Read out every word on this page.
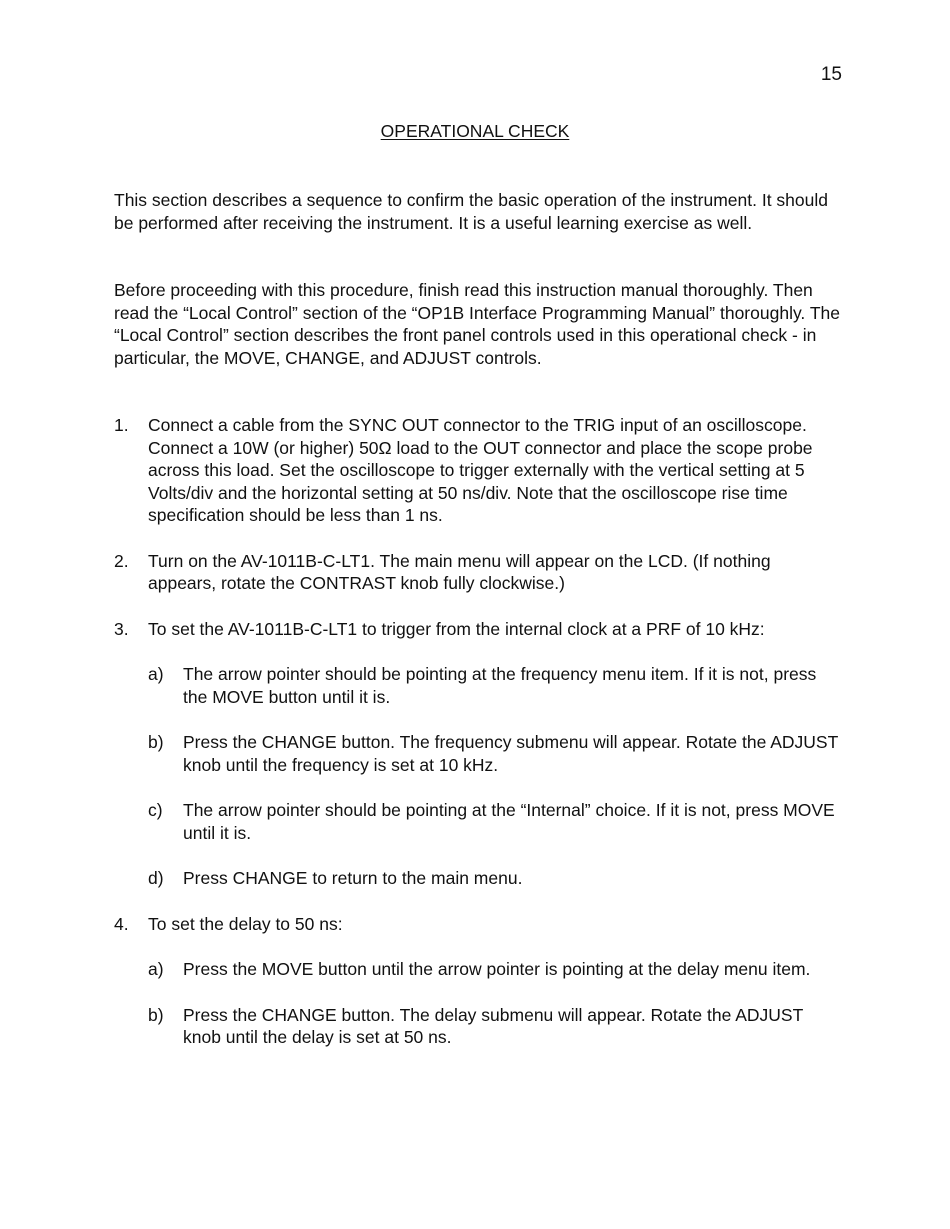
15
OPERATIONAL CHECK
This section describes a sequence to confirm the basic operation of the instrument. It should be performed after receiving the instrument. It is a useful learning exercise as well.
Before proceeding with this procedure, finish read this instruction manual thoroughly. Then read the “Local Control” section of the “OP1B Interface Programming Manual” thoroughly. The “Local Control” section describes the front panel controls used in this operational check - in particular, the MOVE, CHANGE, and ADJUST controls.
1. Connect a cable from the SYNC OUT connector to the TRIG input of an oscilloscope. Connect a 10W (or higher) 50Ω load to the OUT connector and place the scope probe across this load. Set the oscilloscope to trigger externally with the vertical setting at 5 Volts/div and the horizontal setting at 50 ns/div. Note that the oscilloscope rise time specification should be less than 1 ns.
2. Turn on the AV-1011B-C-LT1. The main menu will appear on the LCD. (If nothing appears, rotate the CONTRAST knob fully clockwise.)
3. To set the AV-1011B-C-LT1 to trigger from the internal clock at a PRF of 10 kHz:
a) The arrow pointer should be pointing at the frequency menu item. If it is not, press the MOVE button until it is.
b) Press the CHANGE button. The frequency submenu will appear. Rotate the ADJUST knob until the frequency is set at 10 kHz.
c) The arrow pointer should be pointing at the “Internal” choice. If it is not, press MOVE until it is.
d) Press CHANGE to return to the main menu.
4. To set the delay to 50 ns:
a) Press the MOVE button until the arrow pointer is pointing at the delay menu item.
b) Press the CHANGE button. The delay submenu will appear. Rotate the ADJUST knob until the delay is set at 50 ns.
